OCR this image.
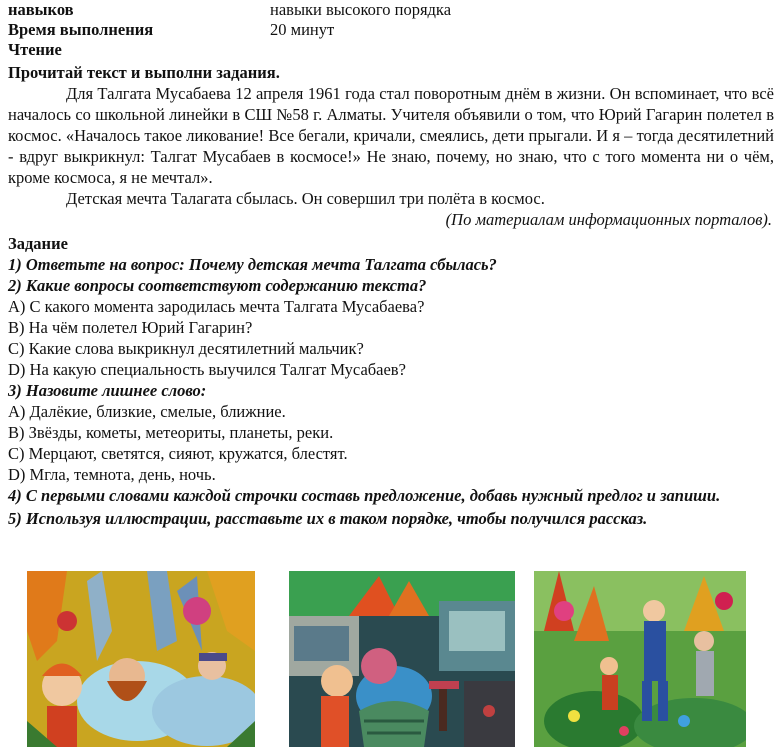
навыков	навыки высокого порядка
Время выполнения	20 минут
Чтение
Прочитай текст и выполни задания.

Для Талгата Мусабаева 12 апреля 1961 года стал поворотным днём в жизни. Он вспоминает, что всё началось со школьной линейки в СШ №58 г. Алматы. Учителя объявили о том, что Юрий Гагарин полетел в космос. «Началось такое ликование! Все бегали, кричали, смеялись, дети прыгали. И я – тогда десятилетний - вдруг выкрикнул: Талгат Мусабаев в космосе!» Не знаю, почему, но знаю, что с того момента ни о чём, кроме космоса, я не мечтал».

Детская мечта Талагата сбылась. Он совершил три полёта в космос.

(По материалам информационных порталов).

Задание

1) Ответьте на вопрос: Почему детская мечта Талгата сбылась?

2) Какие вопросы соответствуют содержанию текста?

A) С какого момента зародилась мечта Талгата Мусабаева?

B) На чём полетел Юрий Гагарин?

C) Какие слова выкрикнул десятилетний мальчик?

D) На какую специальность выучился Талгат Мусабаев?

3) Назовите лишнее слово:

A) Далёкие, близкие, смелые, ближние.

B) Звёзды, кометы, метеориты, планеты, реки.

C) Мерцают, светятся, сияют, кружатся, блестят.

D) Мгла, темнота, день, ночь.

4) С первыми словами каждой строчки составь предложение, добавь нужный предлог и запиши.

5) Используя иллюстрации, расставьте их в таком порядке, чтобы получился рассказ.
